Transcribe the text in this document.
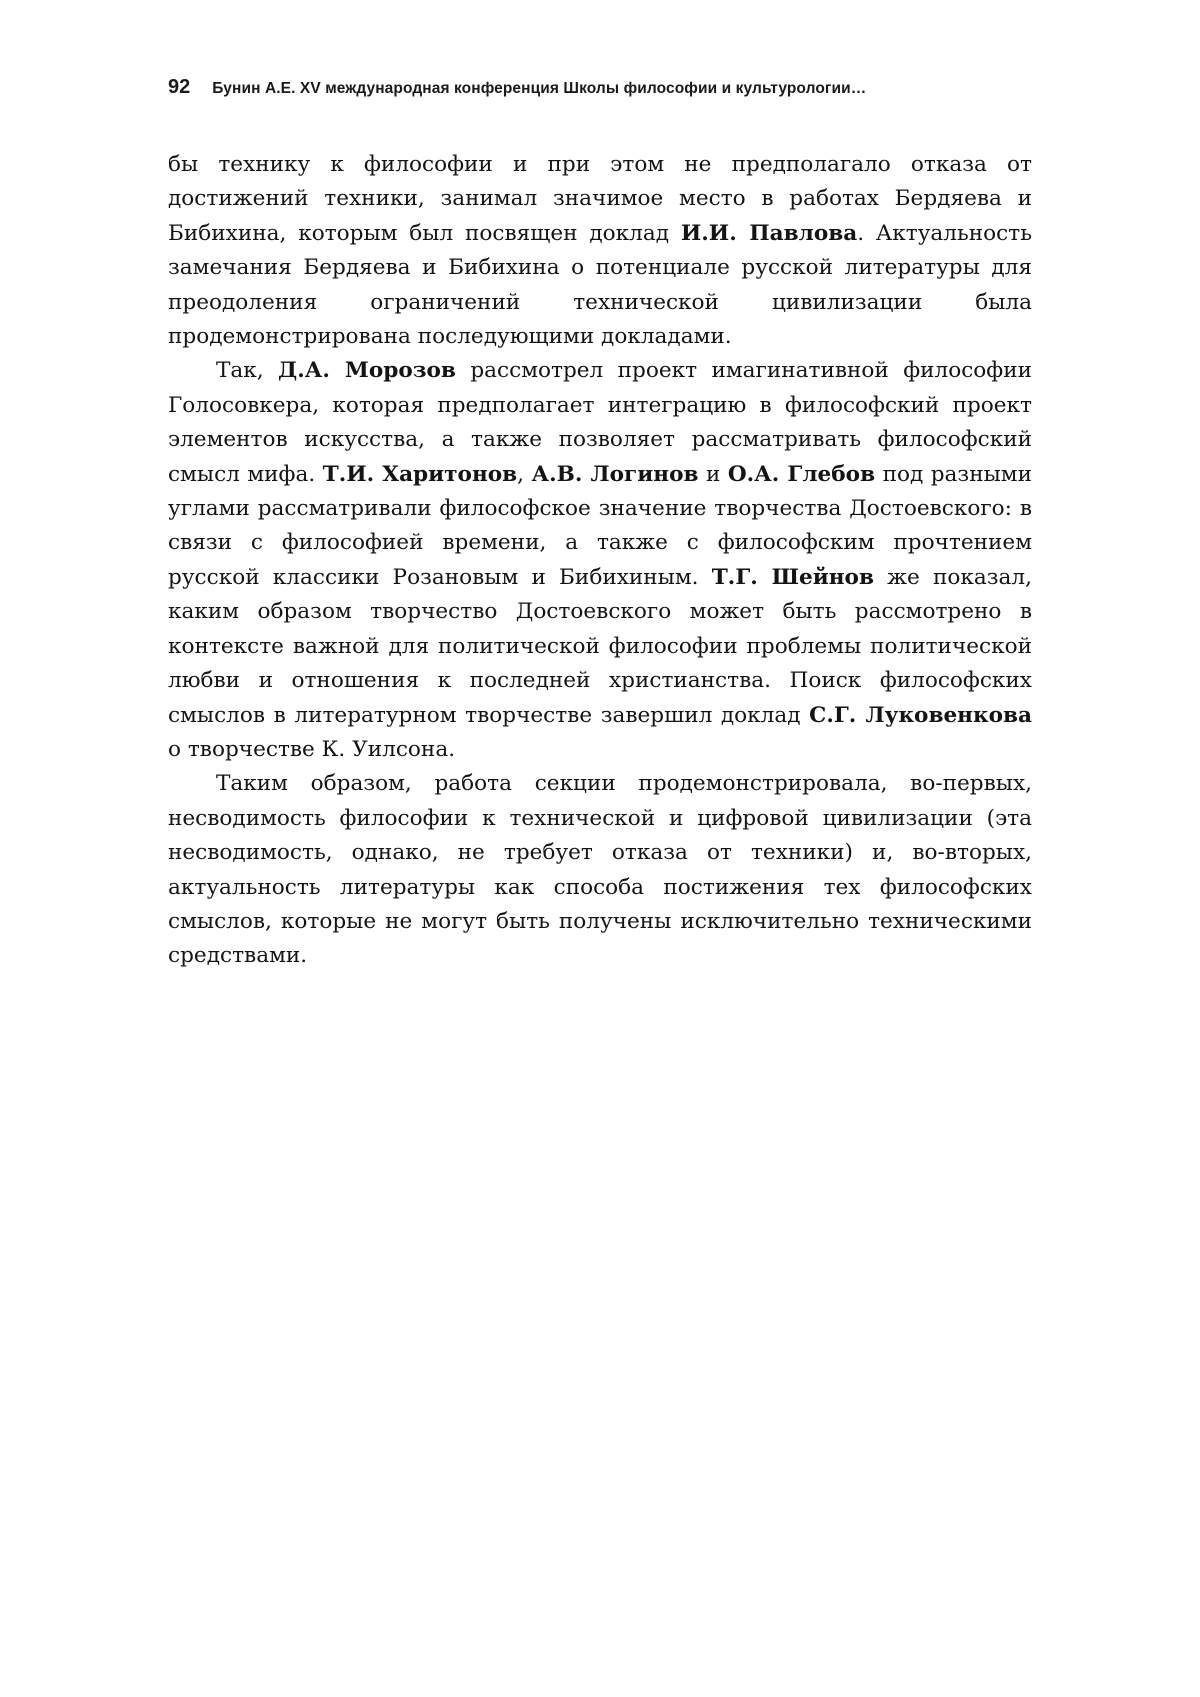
92 Бунин А.Е. XV международная конференция Школы философии и культурологии…

бы технику к философии и при этом не предполагало отказа от достижений техники, занимал значимое место в работах Бердяева и Бибихина, которым был посвящен доклад И.И. Павлова. Актуальность замечания Бердяева и Бибихина о потенциале русской литературы для преодоления ограничений технической цивилизации была продемонстрирована последующими докладами.

Так, Д.А. Морозов рассмотрел проект имагинативной философии Голосовкера, которая предполагает интеграцию в философский проект элементов искусства, а также позволяет рассматривать философский смысл мифа. Т.И. Харитонов, А.В. Логинов и О.А. Глебов под разными углами рассматривали философское значение творчества Достоевского: в связи с философией времени, а также с философским прочтением русской классики Розановым и Бибихиным. Т.Г. Шейнов же показал, каким образом творчество Достоевского может быть рассмотрено в контексте важной для политической философии проблемы политической любви и отношения к последней христианства. Поиск философских смыслов в литературном творчестве завершил доклад С.Г. Луковенкова о творчестве К. Уилсона.

Таким образом, работа секции продемонстрировала, во-первых, несводимость философии к технической и цифровой цивилизации (эта несводимость, однако, не требует отказа от техники) и, во-вторых, актуальность литературы как способа постижения тех философских смыслов, которые не могут быть получены исключительно техническими средствами.
